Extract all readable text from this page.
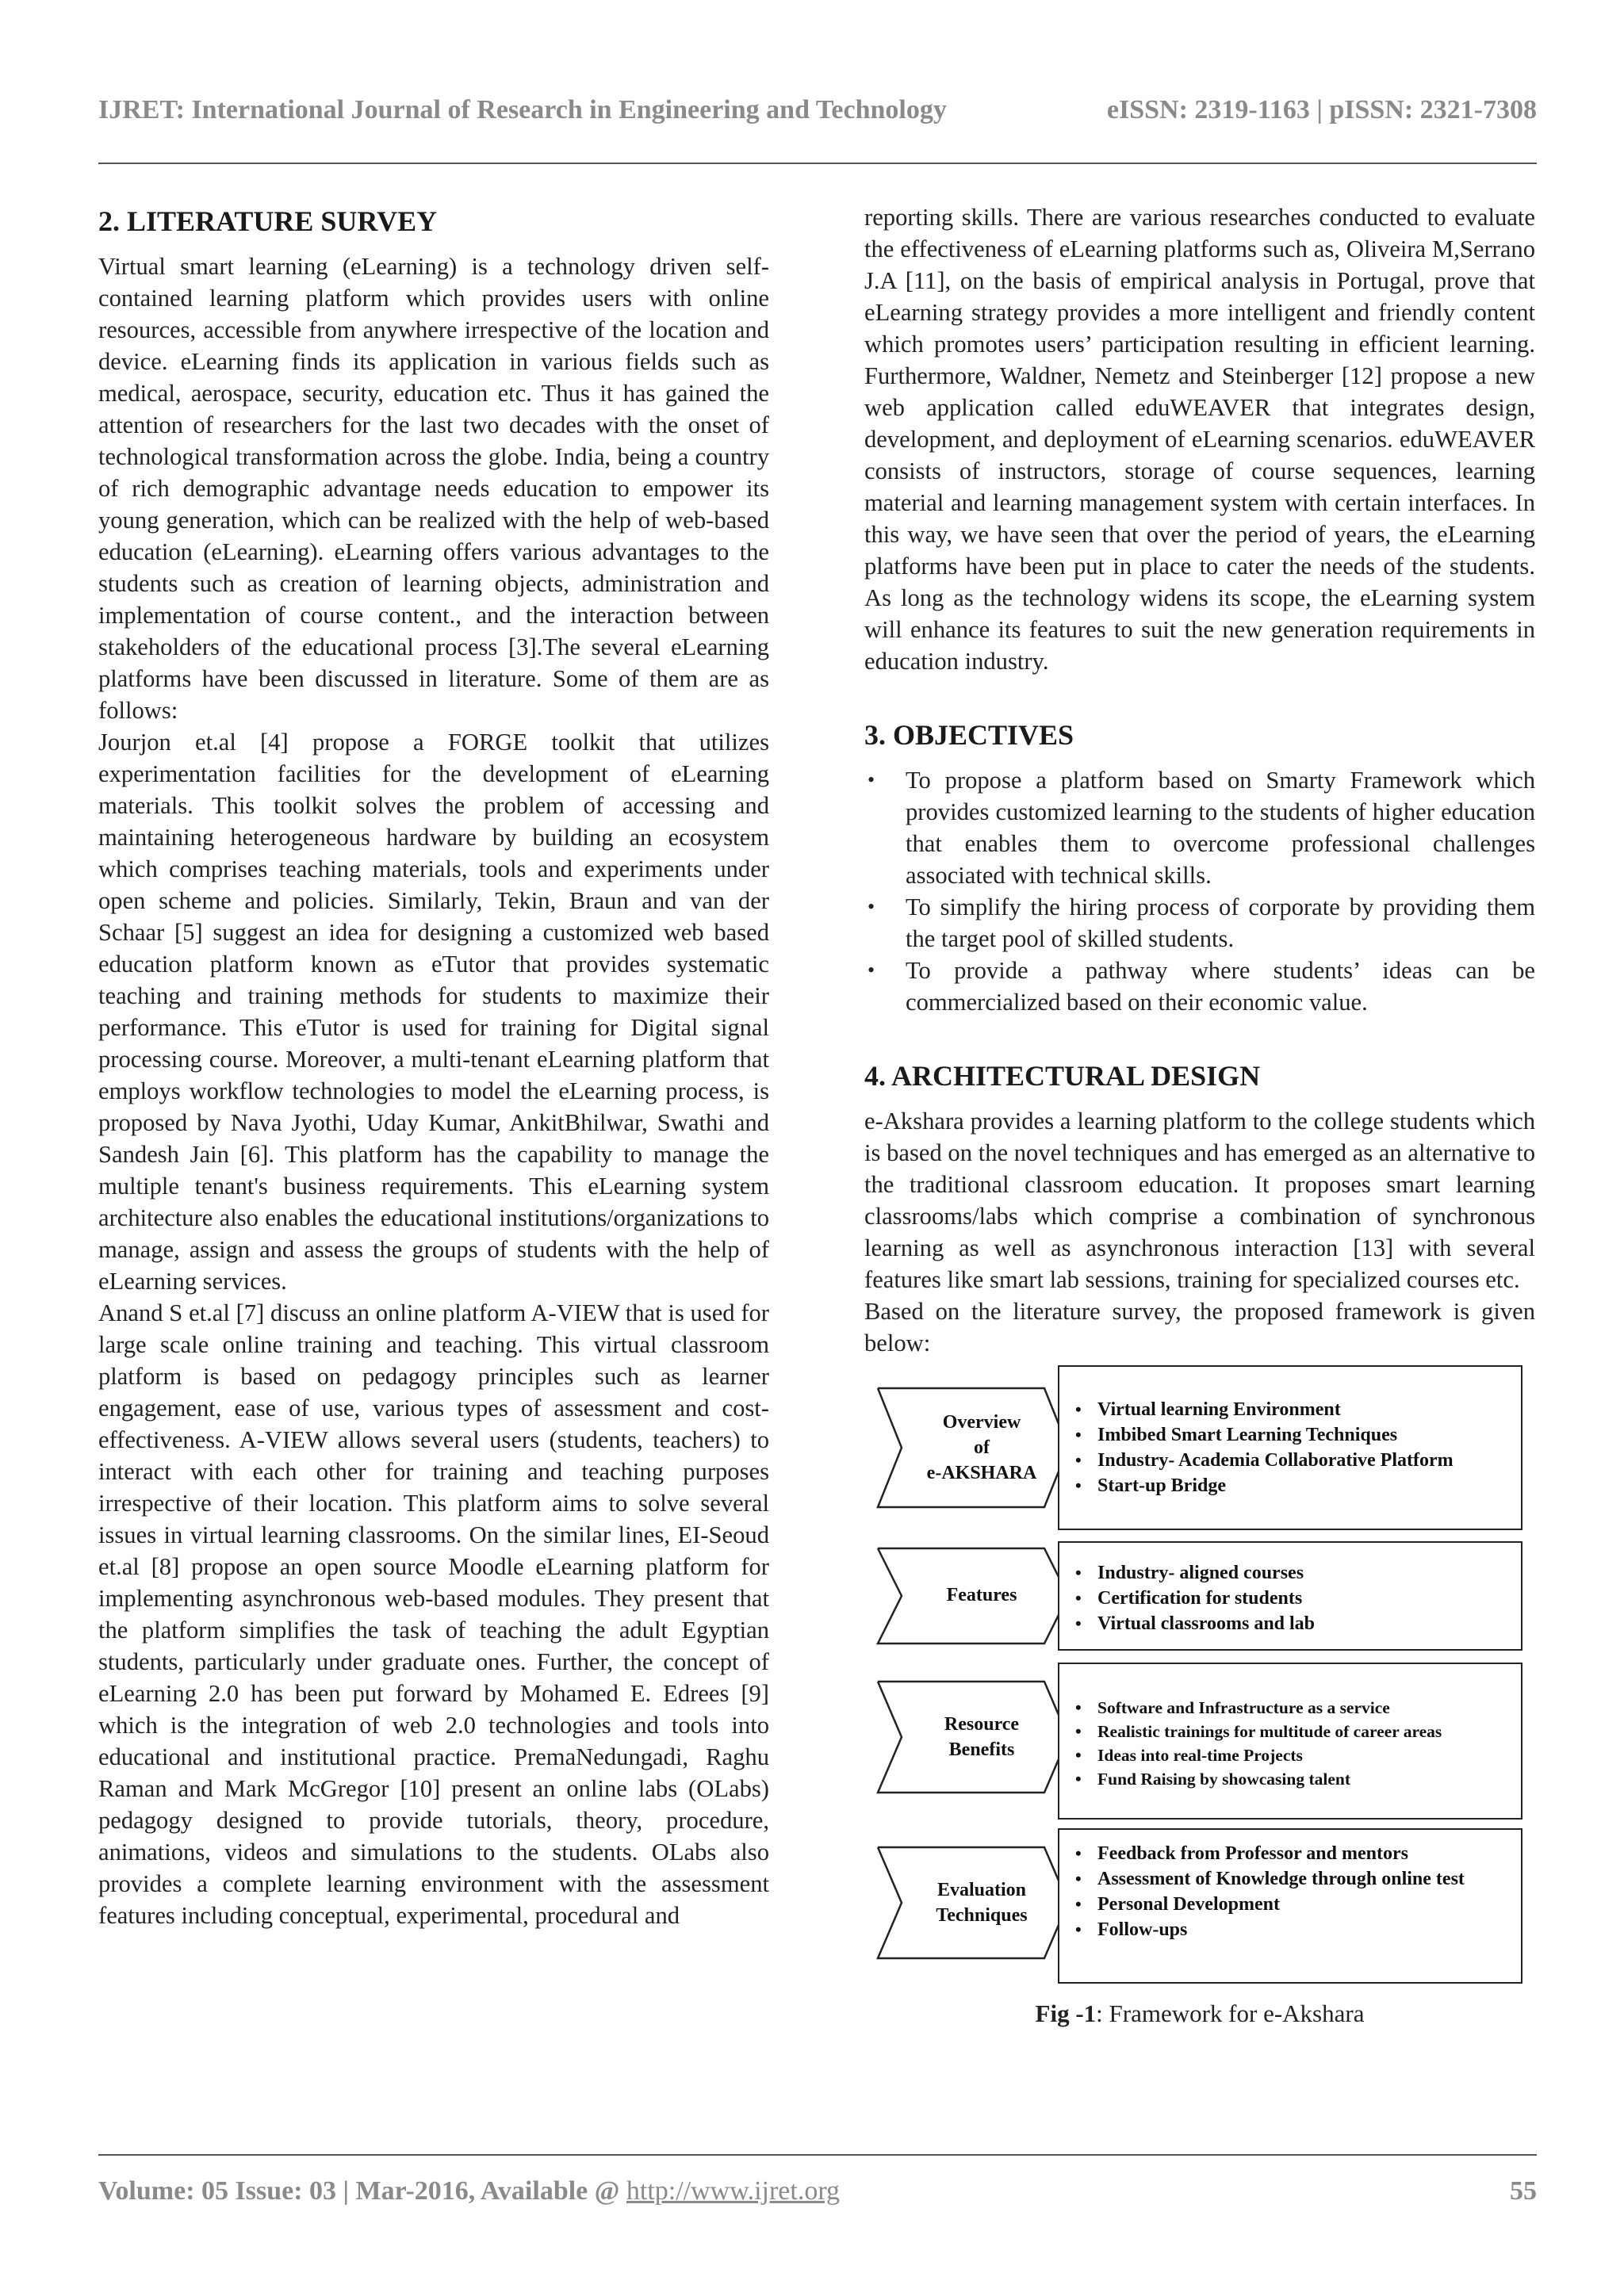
IJRET: International Journal of Research in Engineering and Technology	eISSN: 2319-1163 | pISSN: 2321-7308
2. LITERATURE SURVEY

Virtual smart learning (eLearning) is a technology driven self-contained learning platform which provides users with online resources, accessible from anywhere irrespective of the location and device. eLearning finds its application in various fields such as medical, aerospace, security, education etc. Thus it has gained the attention of researchers for the last two decades with the onset of technological transformation across the globe. India, being a country of rich demographic advantage needs education to empower its young generation, which can be realized with the help of web-based education (eLearning). eLearning offers various advantages to the students such as creation of learning objects, administration and implementation of course content., and the interaction between stakeholders of the educational process [3].The several eLearning platforms have been discussed in literature. Some of them are as follows:

Jourjon et.al [4] propose a FORGE toolkit that utilizes experimentation facilities for the development of eLearning materials. This toolkit solves the problem of accessing and maintaining heterogeneous hardware by building an ecosystem which comprises teaching materials, tools and experiments under open scheme and policies. Similarly, Tekin, Braun and van der Schaar [5] suggest an idea for designing a customized web based education platform known as eTutor that provides systematic teaching and training methods for students to maximize their performance. This eTutor is used for training for Digital signal processing course. Moreover, a multi-tenant eLearning platform that employs workflow technologies to model the eLearning process, is proposed by Nava Jyothi, Uday Kumar, AnkitBhilwar, Swathi and Sandesh Jain [6]. This platform has the capability to manage the multiple tenant's business requirements. This eLearning system architecture also enables the educational institutions/organizations to manage, assign and assess the groups of students with the help of eLearning services.

Anand S et.al [7] discuss an online platform A-VIEW that is used for large scale online training and teaching. This virtual classroom platform is based on pedagogy principles such as learner engagement, ease of use, various types of assessment and cost-effectiveness. A-VIEW allows several users (students, teachers) to interact with each other for training and teaching purposes irrespective of their location. This platform aims to solve several issues in virtual learning classrooms. On the similar lines, EI-Seoud et.al [8] propose an open source Moodle eLearning platform for implementing asynchronous web-based modules. They present that the platform simplifies the task of teaching the adult Egyptian students, particularly under graduate ones. Further, the concept of eLearning 2.0 has been put forward by Mohamed E. Edrees [9] which is the integration of web 2.0 technologies and tools into educational and institutional practice. PremaNedungadi, Raghu Raman and Mark McGregor [10] present an online labs (OLabs) pedagogy designed to provide tutorials, theory, procedure, animations, videos and simulations to the students. OLabs also provides a complete learning environment with the assessment features including conceptual, experimental, procedural and

reporting skills. There are various researches conducted to evaluate the effectiveness of eLearning platforms such as, Oliveira M,Serrano J.A [11], on the basis of empirical analysis in Portugal, prove that eLearning strategy provides a more intelligent and friendly content which promotes users’ participation resulting in efficient learning. Furthermore, Waldner, Nemetz and Steinberger [12] propose a new web application called eduWEAVER that integrates design, development, and deployment of eLearning scenarios. eduWEAVER consists of instructors, storage of course sequences, learning material and learning management system with certain interfaces. In this way, we have seen that over the period of years, the eLearning platforms have been put in place to cater the needs of the students. As long as the technology widens its scope, the eLearning system will enhance its features to suit the new generation requirements in education industry.

3. OBJECTIVES
• To propose a platform based on Smarty Framework which provides customized learning to the students of higher education that enables them to overcome professional challenges associated with technical skills.
• To simplify the hiring process of corporate by providing them the target pool of skilled students.
• To provide a pathway where students’ ideas can be commercialized based on their economic value.
4. ARCHITECTURAL DESIGN

e-Akshara provides a learning platform to the college students which is based on the novel techniques and has emerged as an alternative to the traditional classroom education. It proposes smart learning classrooms/labs which comprise a combination of synchronous learning as well as asynchronous interaction [13] with several features like smart lab sessions, training for specialized courses etc.

Based on the literature survey, the proposed framework is given below:

Overview
of
e-AKSHARA
• Virtual learning Environment
• Imbibed Smart Learning Techniques
• Industry- Academia Collaborative Platform
• Start-up Bridge
Features
• Industry- aligned courses
• Certification for students
• Virtual classrooms and lab
Resource
Benefits
• Software and Infrastructure as a service
• Realistic trainings for multitude of career areas
• Ideas into real-time Projects
• Fund Raising by showcasing talent
Evaluation
Techniques
• Feedback from Professor and mentors
• Assessment of Knowledge through online test
• Personal Development
• Follow-ups
Fig -1: Framework for e-Akshara
Volume: 05 Issue: 03 | Mar-2016, Available @ http://www.ijret.org	55
